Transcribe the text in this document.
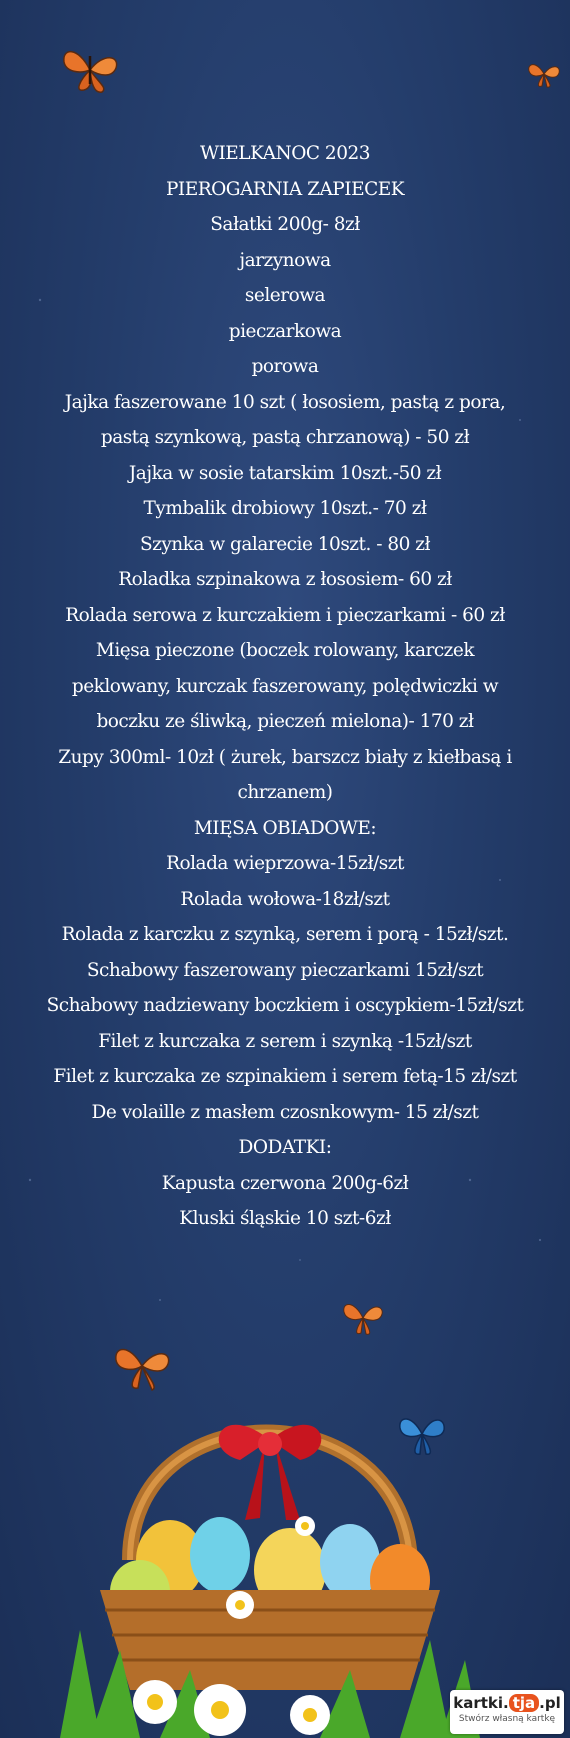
WIELKANOC 2023
PIEROGARNIA ZAPIECEK
Sałatki 200g- 8zł
jarzynowa
selerowa
pieczarkowa
porowa
Jajka faszerowane 10 szt ( łososiem, pastą z pora,
pastą szynkową, pastą chrzanową) - 50 zł
Jajka w sosie tatarskim 10szt.-50 zł
Tymbalik drobiowy 10szt.- 70 zł
Szynka w galarecie 10szt. - 80 zł
Roladka szpinakowa z łososiem- 60 zł
Rolada serowa z kurczakiem i pieczarkami - 60 zł
Mięsa pieczone (boczek rolowany, karczek
peklowany, kurczak faszerowany, polędwiczki w
boczku ze śliwką, pieczeń mielona)- 170 zł
Zupy 300ml- 10zł ( żurek, barszcz biały z kiełbasą i
chrzanem)
MIĘSA OBIADOWE:
Rolada wieprzowa-15zł/szt
Rolada wołowa-18zł/szt
Rolada z karczku z szynką, serem i porą - 15zł/szt.
Schabowy faszerowany pieczarkami 15zł/szt
Schabowy nadziewany boczkiem i oscypkiem-15zł/szt
Filet z kurczaka z serem i szynką -15zł/szt
Filet z kurczaka ze szpinakiem i serem fetą-15 zł/szt
De volaille z masłem czosnkowym- 15 zł/szt
DODATKI:
Kapusta czerwona 200g-6zł
Kluski śląskie 10 szt-6zł
kartki. tja .pl
Stwórz własną kartkę
